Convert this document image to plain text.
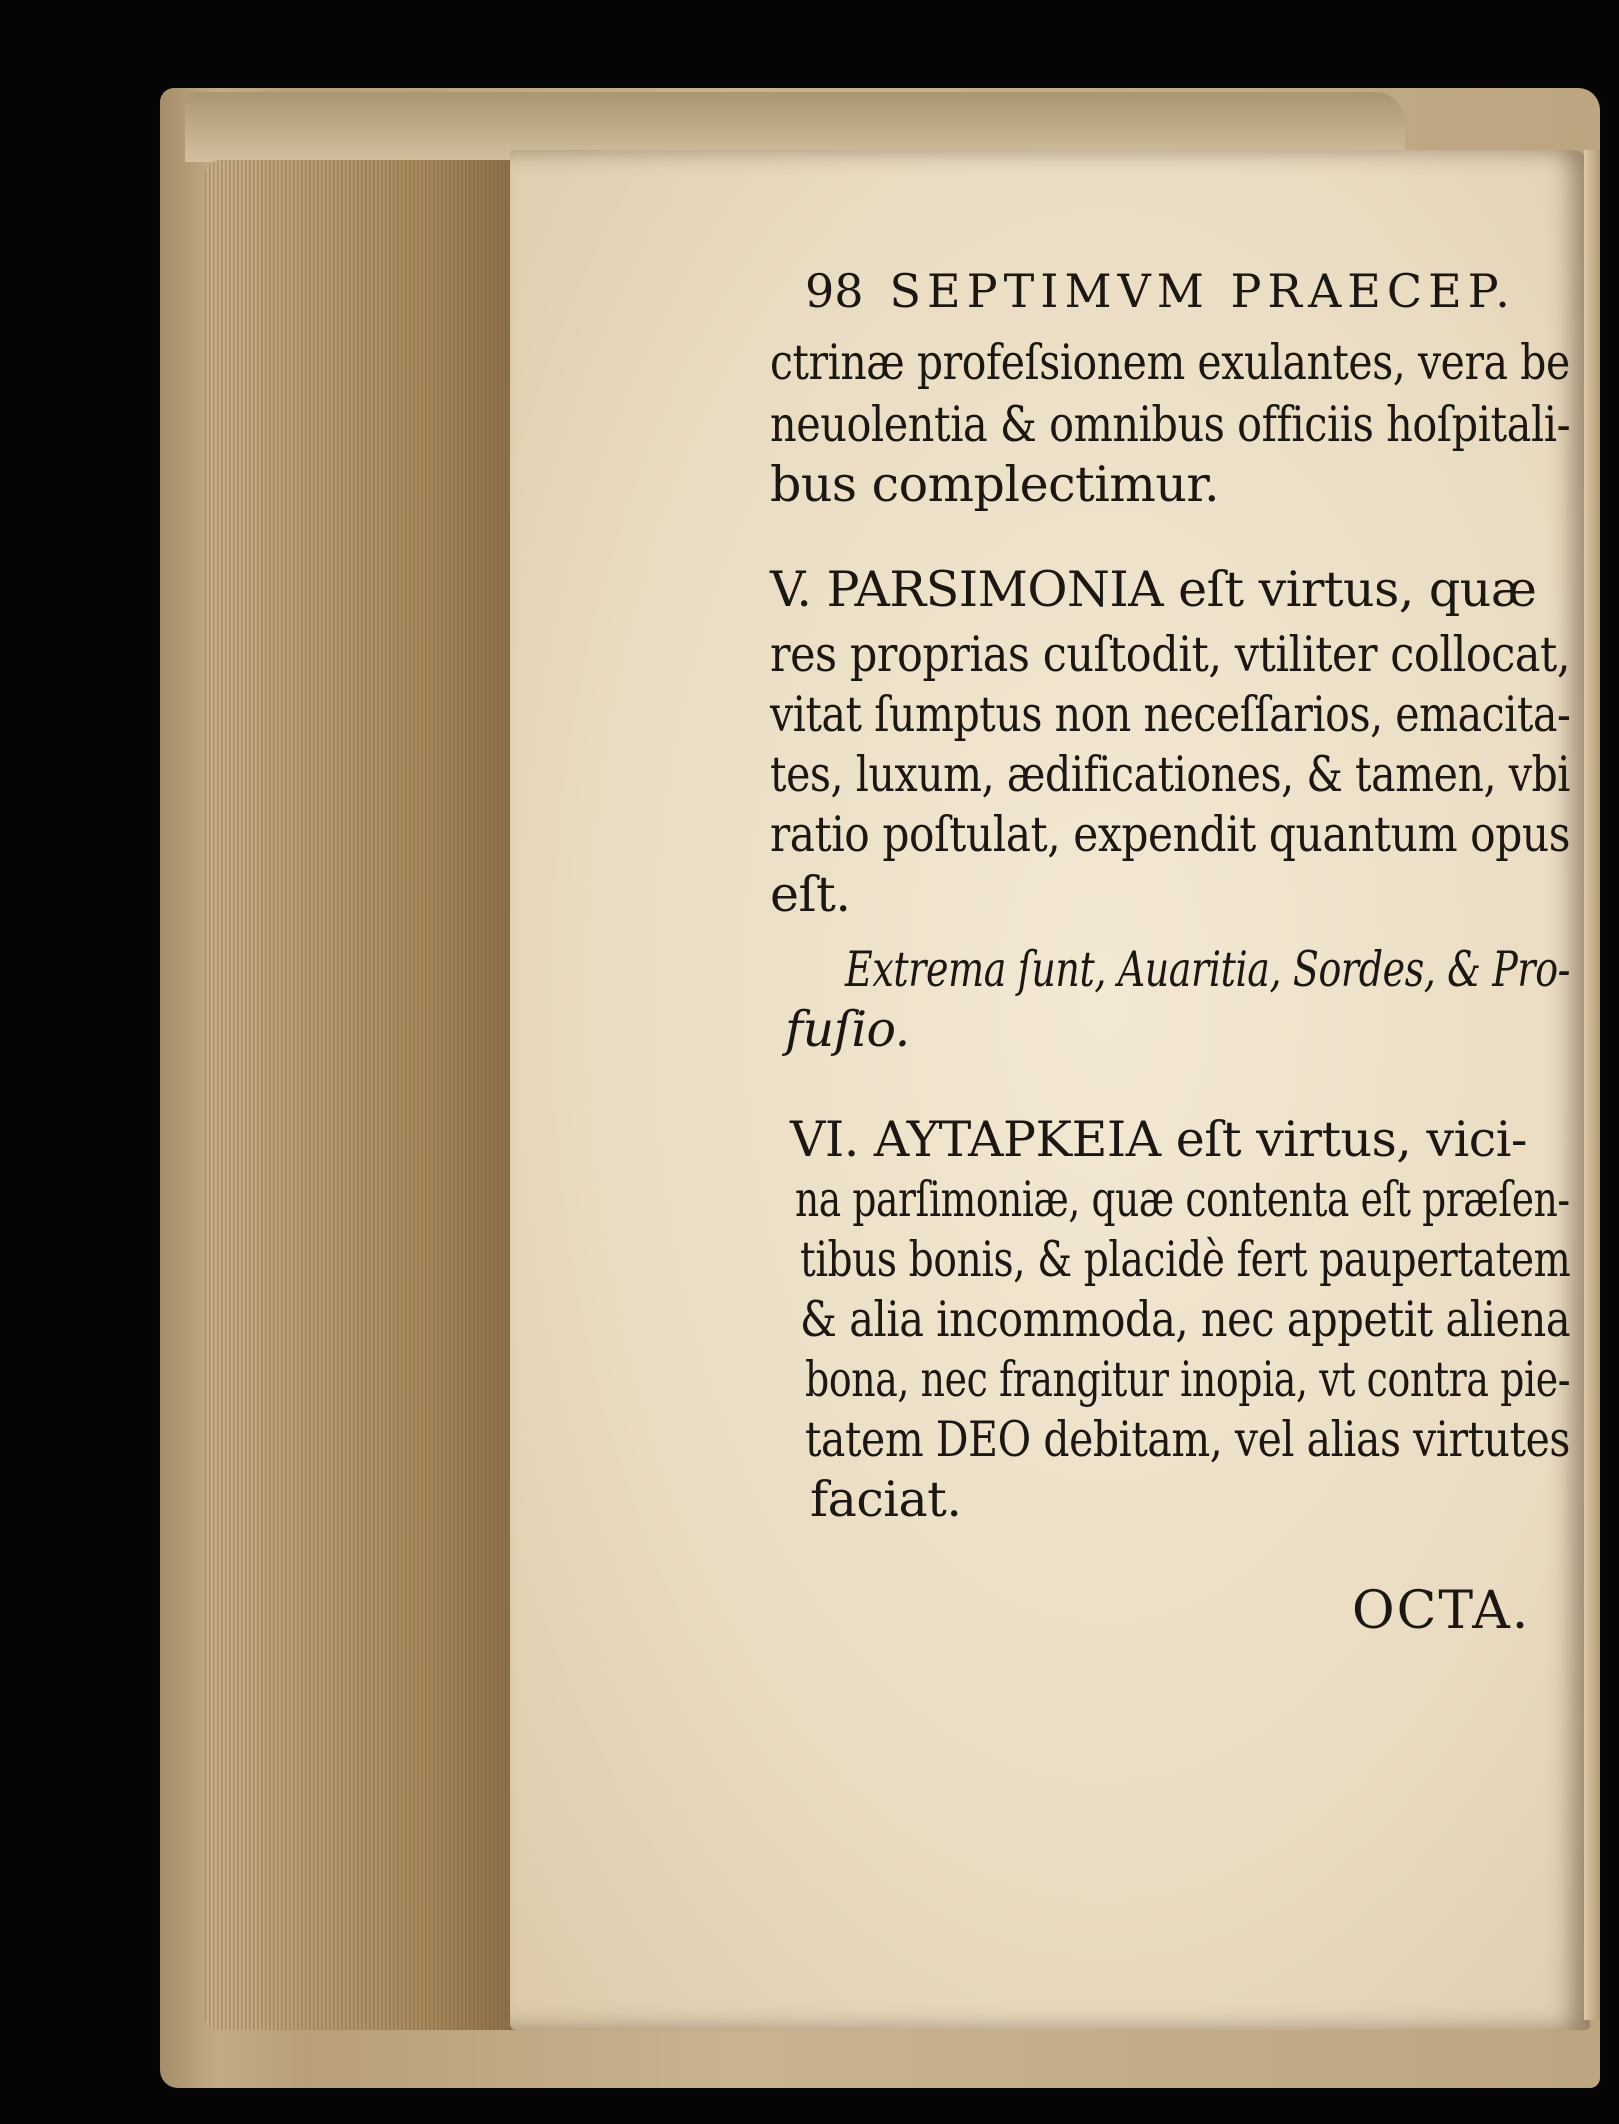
98 SEPTIMVM PRAECEP.
ctrinæ profeſsionem exulantes, vera be
neuolentia & omnibus officiis hoſpitali-
bus complectimur.
V. PARSIMONIA eſt virtus, quæ
res proprias cuſtodit, vtiliter collocat,
vitat ſumptus non neceſſarios, emacita-
tes, luxum, ædificationes, & tamen, vbi
ratio poſtulat, expendit quantum opus
eſt.
Extrema ſunt, Auaritia, Sordes, & Pro-
fuſio.
VI. AYTAPKEIA eſt virtus, vici-
na parſimoniæ, quæ contenta eſt præſen-
tibus bonis, & placidè fert paupertatem
& alia incommoda, nec appetit aliena
bona, nec frangitur inopia, vt contra pie-
tatem DEO debitam, vel alias virtutes
faciat.
OCTA.
